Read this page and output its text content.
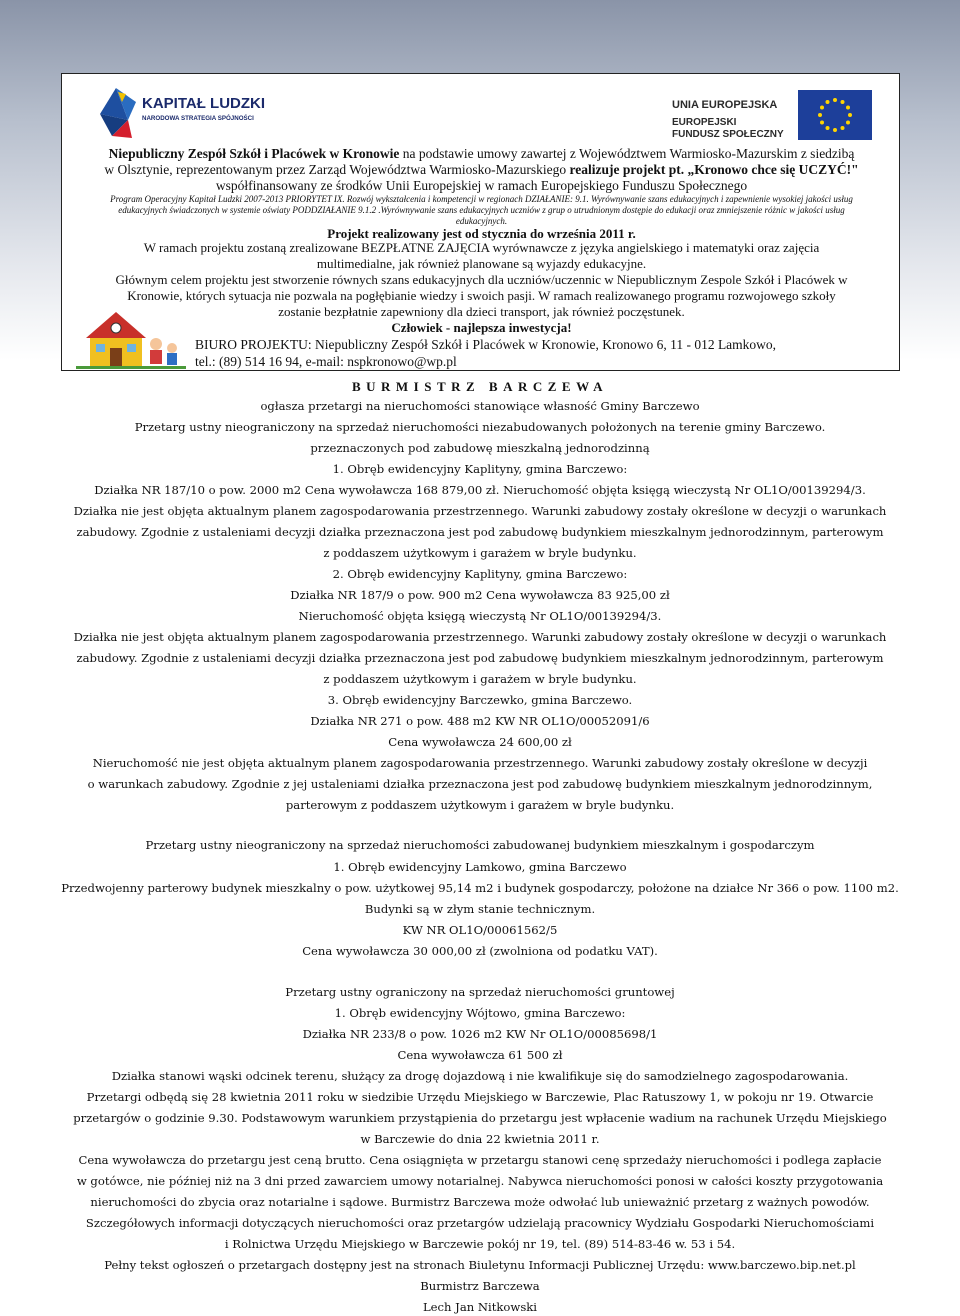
KAPITAŁ LUDZKI
NARODOWA STRATEGIA SPÓJNOŚCI
UNIA EUROPEJSKA
EUROPEJSKI
FUNDUSZ SPOŁECZNY
Niepubliczny Zespół Szkół i Placówek w Kronowie na podstawie umowy zawartej z Województwem Warmiosko-Mazurskim z siedzibą
w Olsztynie, reprezentowanym przez Zarząd Województwa Warmiosko-Mazurskiego realizuje projekt pt. „Kronowo chce się UCZYĆ!"
współfinansowany ze środków Unii Europejskiej w ramach Europejskiego Funduszu Społecznego
Program Operacyjny Kapitał Ludzki 2007-2013 PRIORYTET IX. Rozwój wykształcenia i kompetencji w regionach DZIAŁANIE: 9.1. Wyrównywanie szans edukacyjnych i zapewnienie wysokiej jakości usług
edukacyjnych świadczonych w systemie oświaty PODDZIAŁANIE 9.1.2 .Wyrównywanie szans edukacyjnych uczniów z grup o utrudnionym dostępie do edukacji oraz zmniejszenie różnic w jakości usług
edukacyjnych.
Projekt realizowany jest od stycznia do września 2011 r.
W ramach projektu zostaną zrealizowane BEZPŁATNE ZAJĘCIA wyrównawcze z języka angielskiego i matematyki oraz zajęcia
multimedialne, jak również planowane są wyjazdy edukacyjne.
Głównym celem projektu jest stworzenie równych szans edukacyjnych dla uczniów/uczennic w Niepublicznym Zespole Szkół i Placówek w
Kronowie, których sytuacja nie pozwala na pogłębianie wiedzy i swoich pasji. W ramach realizowanego programu rozwojowego szkoły
zostanie bezpłatnie zapewniony dla dzieci transport, jak również poczęstunek.
Człowiek - najlepsza inwestycja!
BIURO PROJEKTU: Niepubliczny Zespół Szkół i Placówek w Kronowie, Kronowo 6, 11 - 012 Lamkowo,
tel.: (89) 514 16 94, e-mail: nspkronowo@wp.pl
BURMISTRZ BARCZEWA
ogłasza przetargi na nieruchomości stanowiące własność Gminy Barczewo
Przetarg ustny nieograniczony na sprzedaż nieruchomości niezabudowanych położonych na terenie gminy Barczewo.
przeznaczonych pod zabudowę mieszkalną jednorodzinną
1. Obręb ewidencyjny Kaplityny, gmina Barczewo:
Działka NR 187/10 o pow. 2000 m2 Cena wywoławcza 168 879,00 zł. Nieruchomość objęta księgą wieczystą Nr OL1O/00139294/3.
Działka nie jest objęta aktualnym planem zagospodarowania przestrzennego. Warunki zabudowy zostały określone w decyzji o warunkach
zabudowy. Zgodnie z ustaleniami decyzji działka przeznaczona jest pod zabudowę budynkiem mieszkalnym jednorodzinnym, parterowym
z poddaszem użytkowym i garażem w bryle budynku.
2. Obręb ewidencyjny Kaplityny, gmina Barczewo:
Działka NR 187/9 o pow. 900 m2 Cena wywoławcza 83 925,00 zł
Nieruchomość objęta księgą wieczystą Nr OL1O/00139294/3.
Działka nie jest objęta aktualnym planem zagospodarowania przestrzennego. Warunki zabudowy zostały określone w decyzji o warunkach
zabudowy. Zgodnie z ustaleniami decyzji działka przeznaczona jest pod zabudowę budynkiem mieszkalnym jednorodzinnym, parterowym
z poddaszem użytkowym i garażem w bryle budynku.
3. Obręb ewidencyjny Barczewko, gmina Barczewo.
Działka NR 271 o pow. 488 m2 KW NR OL1O/00052091/6
Cena wywoławcza 24 600,00 zł
Nieruchomość nie jest objęta aktualnym planem zagospodarowania przestrzennego. Warunki zabudowy zostały określone w decyzji
o warunkach zabudowy. Zgodnie z jej ustaleniami działka przeznaczona jest pod zabudowę budynkiem mieszkalnym jednorodzinnym,
parterowym z poddaszem użytkowym i garażem w bryle budynku.
Przetarg ustny nieograniczony na sprzedaż nieruchomości zabudowanej budynkiem mieszkalnym i gospodarczym
1. Obręb ewidencyjny Lamkowo, gmina Barczewo
Przedwojenny parterowy budynek mieszkalny o pow. użytkowej 95,14 m2 i budynek gospodarczy, położone na działce Nr 366 o pow. 1100 m2.
Budynki są w złym stanie technicznym.
KW NR OL1O/00061562/5
Cena wywoławcza 30 000,00 zł (zwolniona od podatku VAT).
Przetarg ustny ograniczony na sprzedaż nieruchomości gruntowej
1. Obręb ewidencyjny Wójtowo, gmina Barczewo:
Działka NR 233/8 o pow. 1026 m2 KW Nr OL1O/00085698/1
Cena wywoławcza 61 500 zł
Działka stanowi wąski odcinek terenu, służący za drogę dojazdową i nie kwalifikuje się do samodzielnego zagospodarowania.
Przetargi odbędą się 28 kwietnia 2011 roku w siedzibie Urzędu Miejskiego w Barczewie, Plac Ratuszowy 1, w pokoju nr 19. Otwarcie
przetargów o godzinie 9.30. Podstawowym warunkiem przystąpienia do przetargu jest wpłacenie wadium na rachunek Urzędu Miejskiego
w Barczewie do dnia 22 kwietnia 2011 r.
Cena wywoławcza do przetargu jest ceną brutto. Cena osiągnięta w przetargu stanowi cenę sprzedaży nieruchomości i podlega zapłacie
w gotówce, nie później niż na 3 dni przed zawarciem umowy notarialnej. Nabywca nieruchomości ponosi w całości koszty przygotowania
nieruchomości do zbycia oraz notarialne i sądowe. Burmistrz Barczewa może odwołać lub unieważnić przetarg z ważnych powodów.
Szczegółowych informacji dotyczących nieruchomości oraz przetargów udzielają pracownicy Wydziału Gospodarki Nieruchomościami
i Rolnictwa Urzędu Miejskiego w Barczewie pokój nr 19, tel. (89) 514-83-46 w. 53 i 54.
Pełny tekst ogłoszeń o przetargach dostępny jest na stronach Biuletynu Informacji Publicznej Urzędu: www.barczewo.bip.net.pl
Burmistrz Barczewa
Lech Jan Nitkowski
